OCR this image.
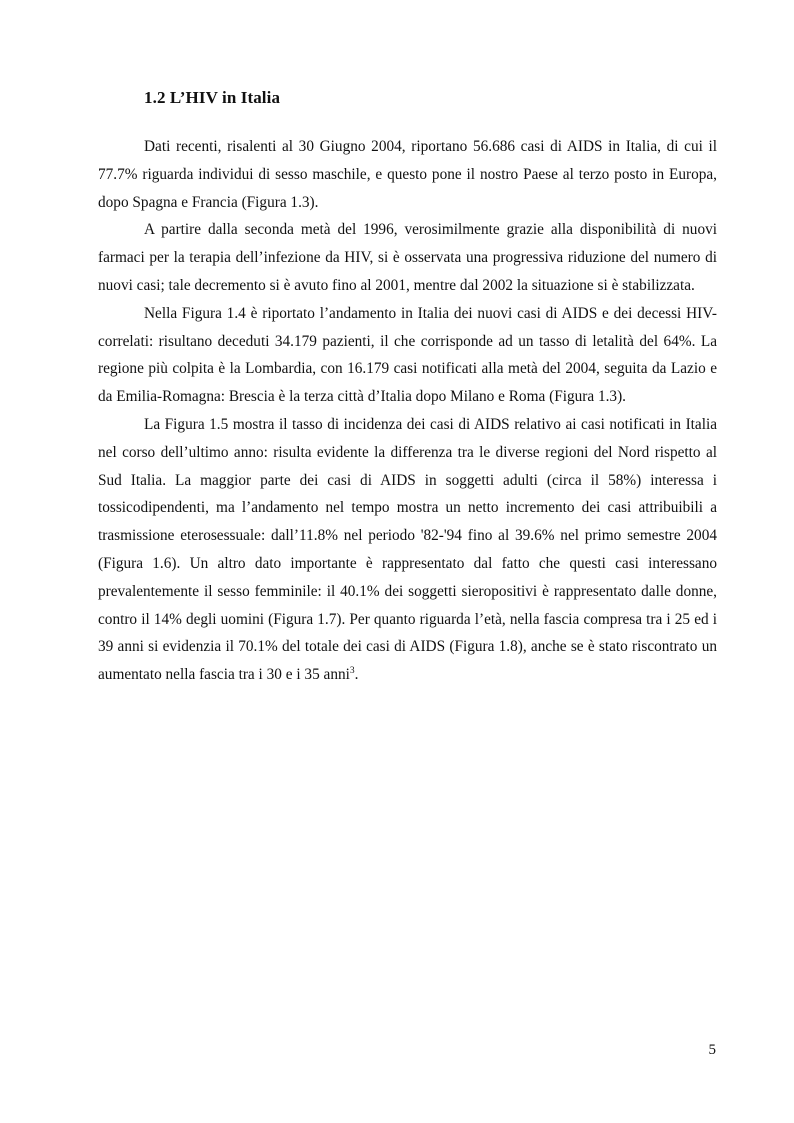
1.2 L’HIV in Italia

Dati recenti, risalenti al 30 Giugno 2004, riportano 56.686 casi di AIDS in Italia, di cui il 77.7% riguarda individui di sesso maschile, e questo pone il nostro Paese al terzo posto in Europa, dopo Spagna e Francia (Figura 1.3).

A partire dalla seconda metà del 1996, verosimilmente grazie alla disponibilità di nuovi farmaci per la terapia dell’infezione da HIV, si è osservata una progressiva riduzione del numero di nuovi casi; tale decremento si è avuto fino al 2001, mentre dal 2002 la situazione si è stabilizzata.

Nella Figura 1.4 è riportato l’andamento in Italia dei nuovi casi di AIDS e dei decessi HIV-correlati: risultano deceduti 34.179 pazienti, il che corrisponde ad un tasso di letalità del 64%. La regione più colpita è la Lombardia, con 16.179 casi notificati alla metà del 2004, seguita da Lazio e da Emilia-Romagna: Brescia è la terza città d’Italia dopo Milano e Roma (Figura 1.3).

La Figura 1.5 mostra il tasso di incidenza dei casi di AIDS relativo ai casi notificati in Italia nel corso dell’ultimo anno: risulta evidente la differenza tra le diverse regioni del Nord rispetto al Sud Italia. La maggior parte dei casi di AIDS in soggetti adulti (circa il 58%) interessa i tossicodipendenti, ma l’andamento nel tempo mostra un netto incremento dei casi attribuibili a trasmissione eterosessuale: dall’11.8% nel periodo '82-'94 fino al 39.6% nel primo semestre 2004 (Figura 1.6). Un altro dato importante è rappresentato dal fatto che questi casi interessano prevalentemente il sesso femminile: il 40.1% dei soggetti sieropositivi è rappresentato dalle donne, contro il 14% degli uomini (Figura 1.7). Per quanto riguarda l’età, nella fascia compresa tra i 25 ed i 39 anni si evidenzia il 70.1% del totale dei casi di AIDS (Figura 1.8), anche se è stato riscontrato un aumentato nella fascia tra i 30 e i 35 anni$^3$.

5
